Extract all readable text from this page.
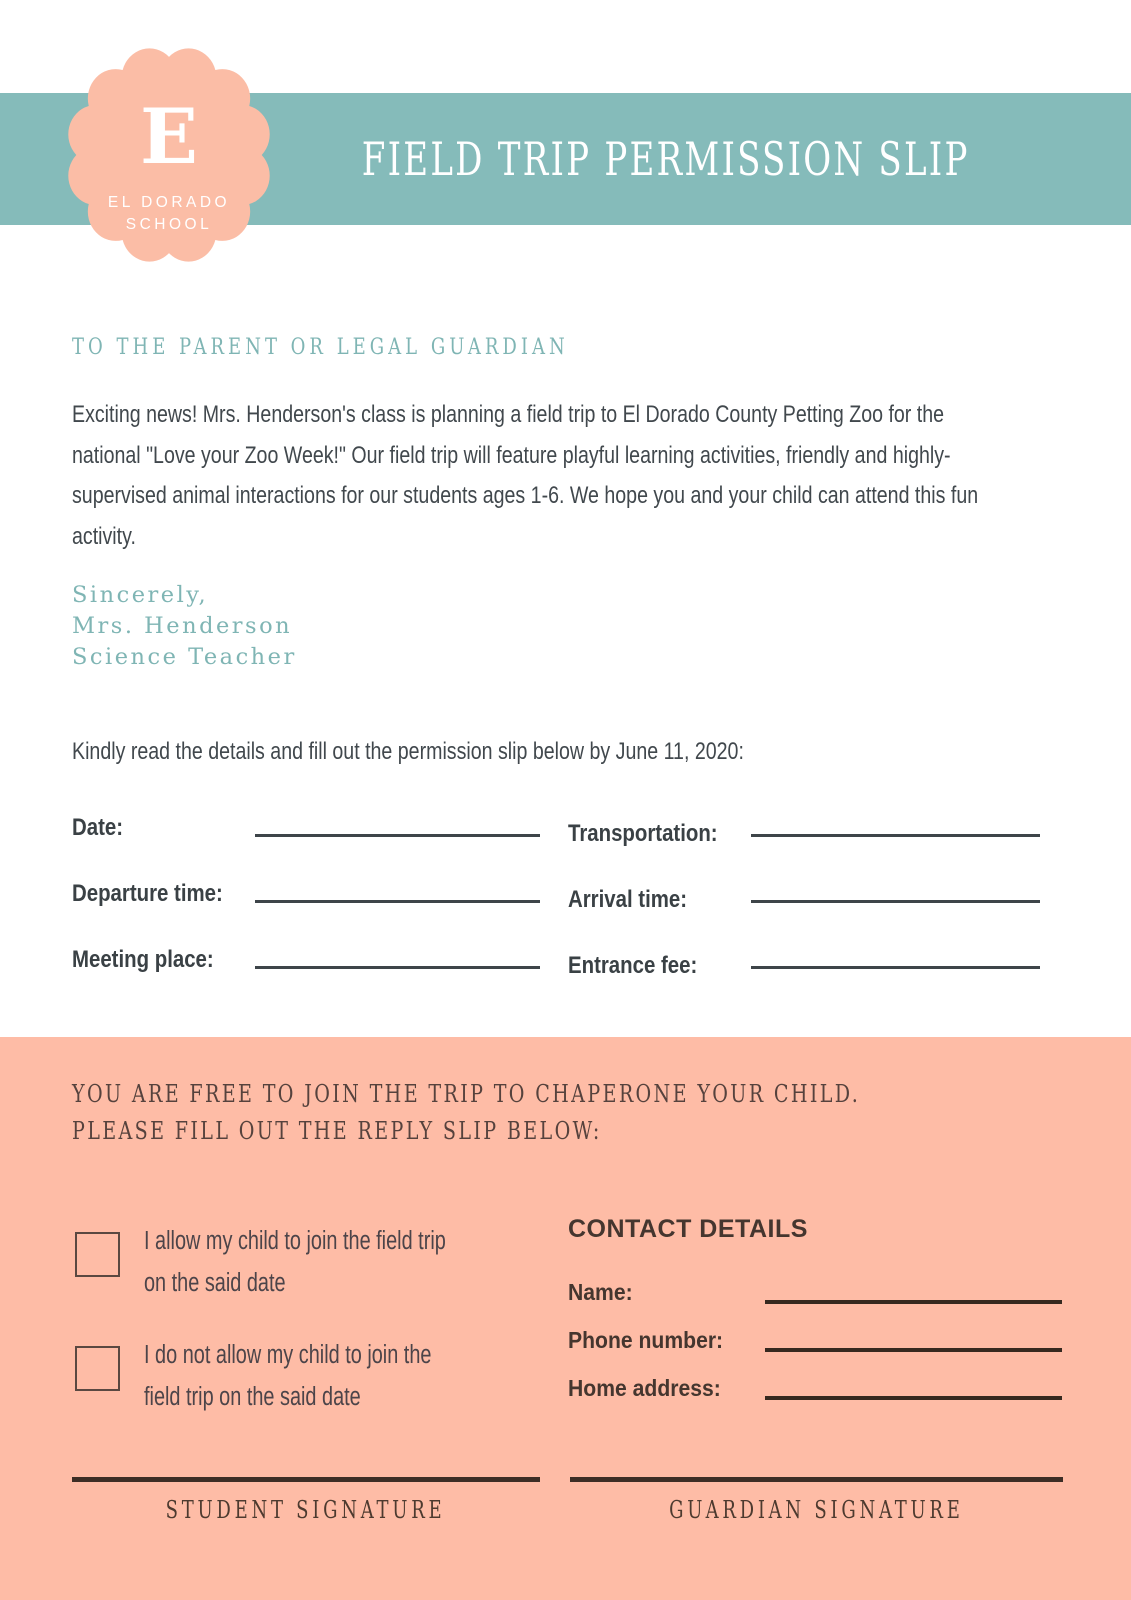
FIELD TRIP PERMISSION SLIP
E
EL DORADO
SCHOOL
TO THE PARENT OR LEGAL GUARDIAN

Exciting news! Mrs. Henderson's class is planning a field trip to El Dorado County Petting Zoo for the national "Love your Zoo Week!" Our field trip will feature playful learning activities, friendly and highly-supervised animal interactions for our students ages 1-6. We hope you and your child can attend this fun activity.

Sincerely,
Mrs. Henderson
Science Teacher
Kindly read the details and fill out the permission slip below by June 11, 2020:
Date:	Transportation:
Departure time:	Arrival time:
Meeting place:	Entrance fee:
YOU ARE FREE TO JOIN THE TRIP TO CHAPERONE YOUR CHILD.
PLEASE FILL OUT THE REPLY SLIP BELOW:
I allow my child to join the field trip on the said date
I do not allow my child to join the field trip on the said date
CONTACT DETAILS
Name:
Phone number:
Home address:
STUDENT SIGNATURE	GUARDIAN SIGNATURE
